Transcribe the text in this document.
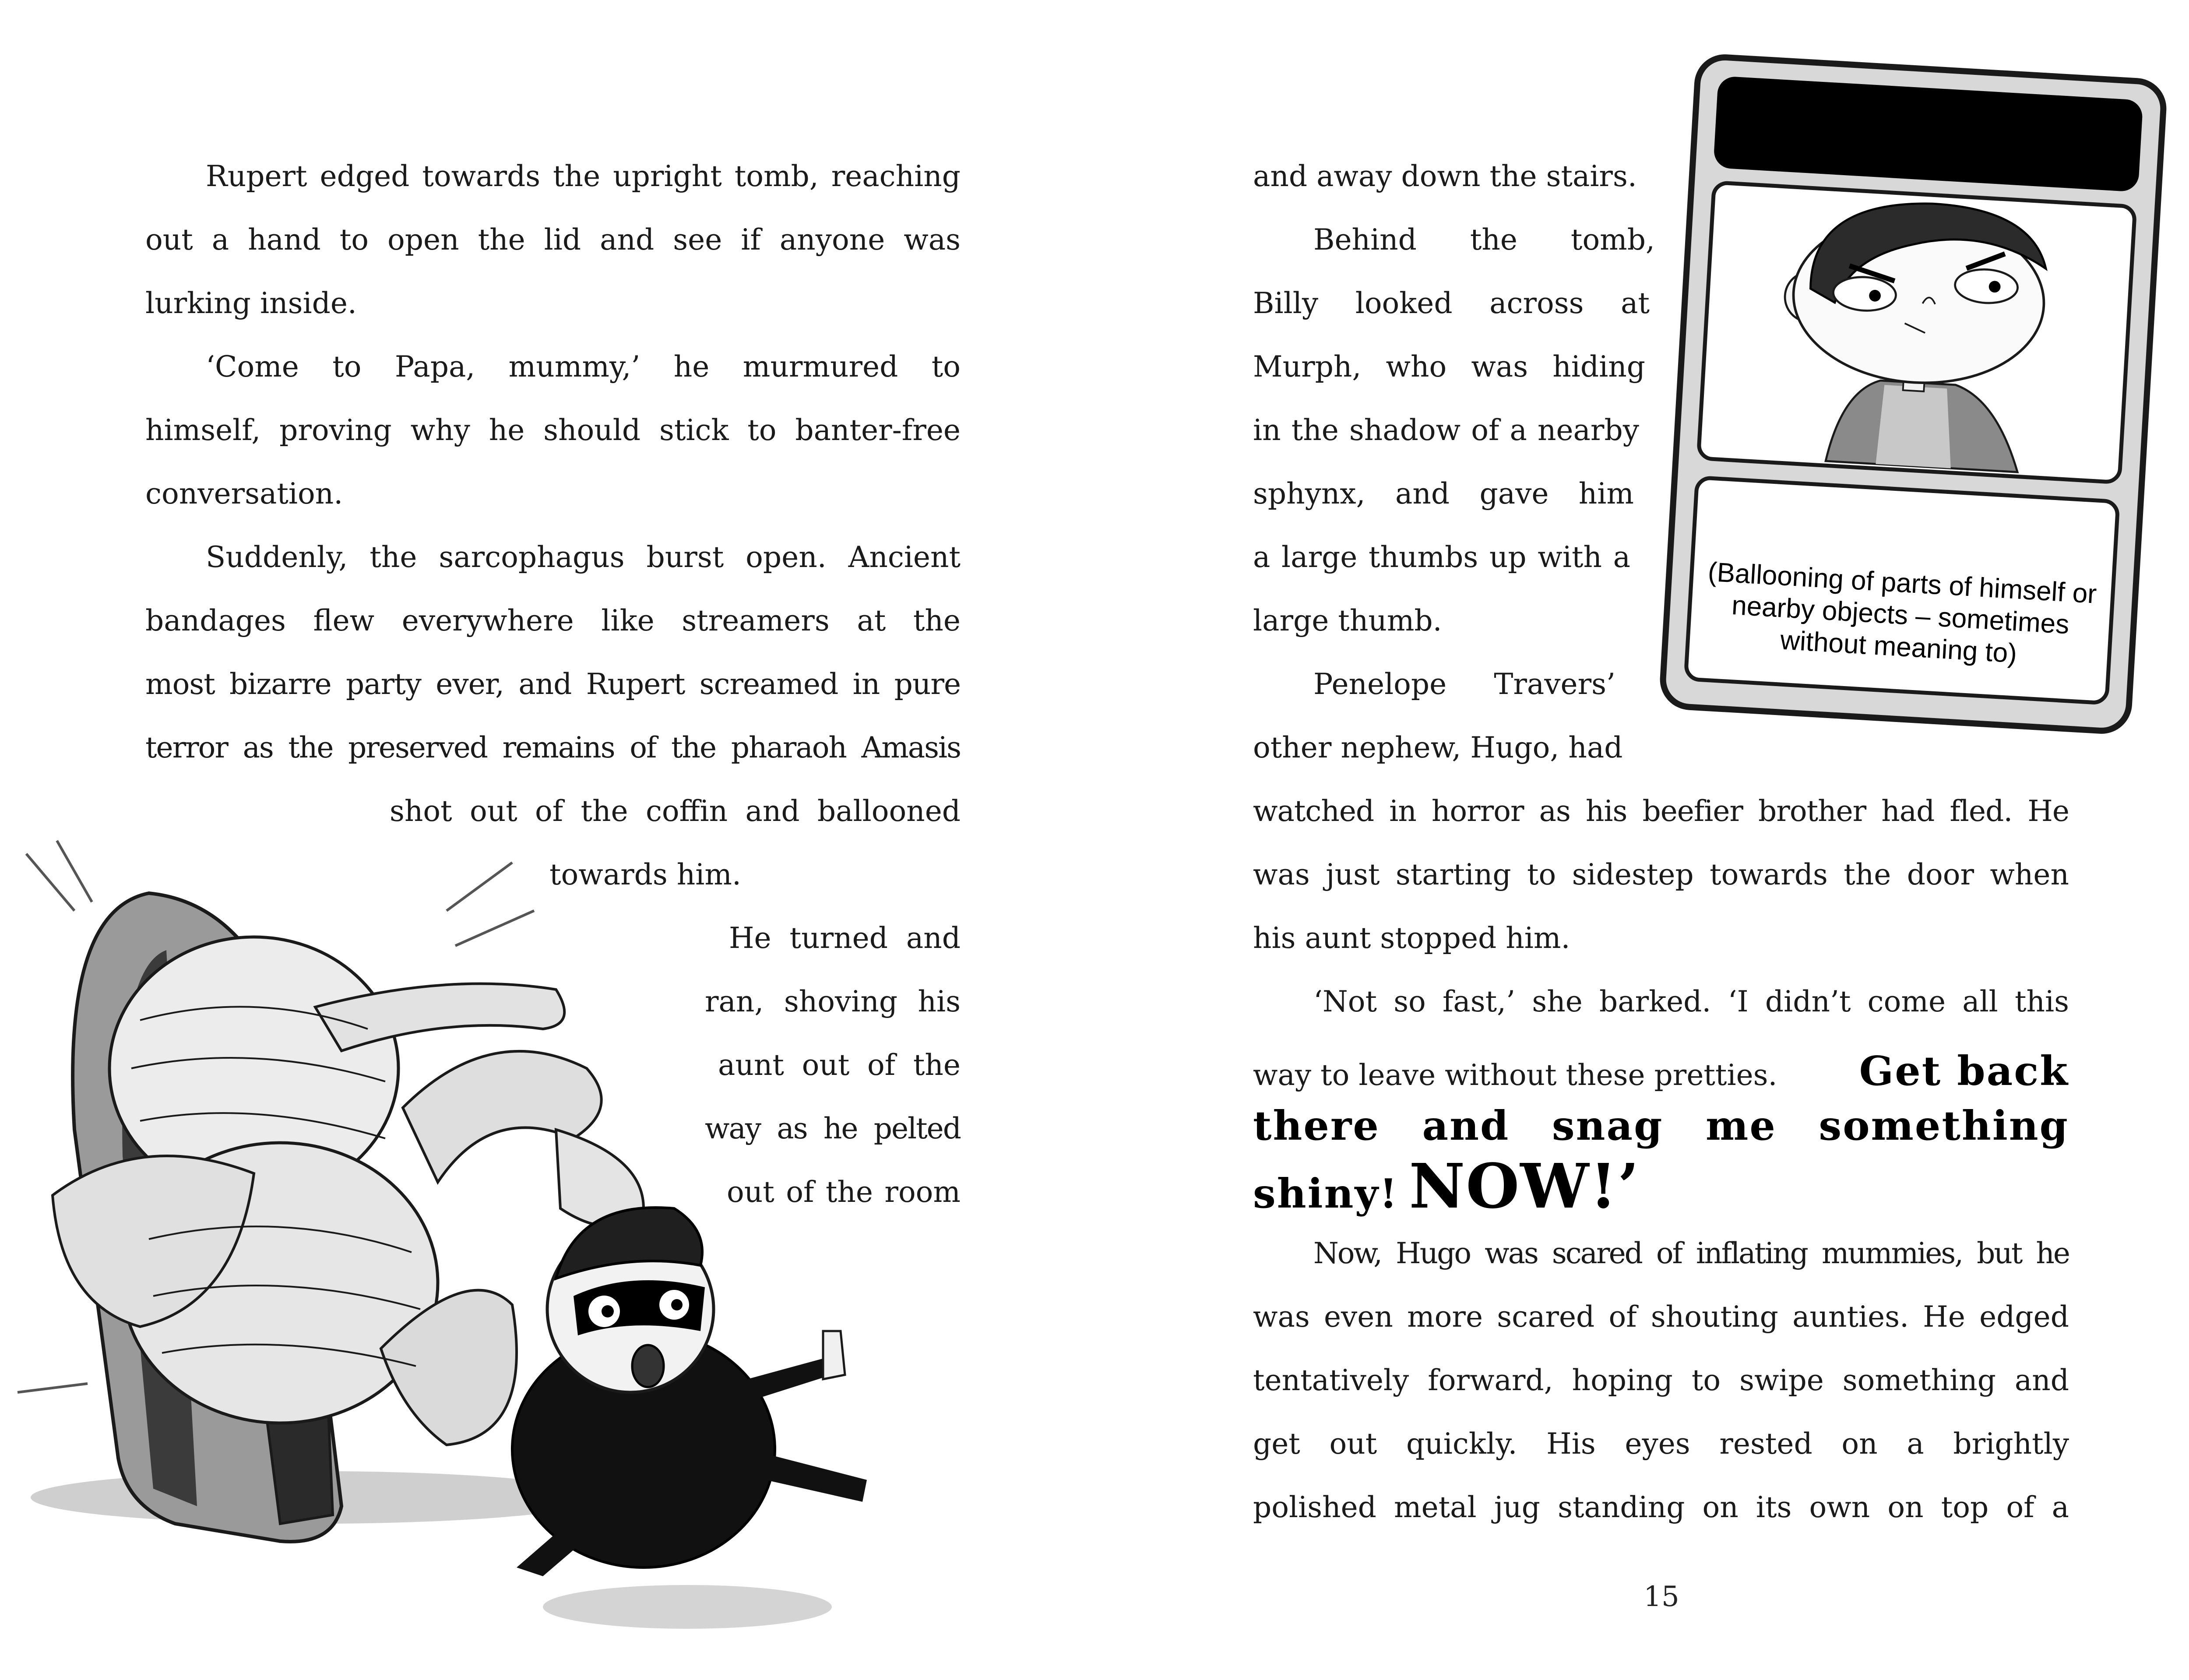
Rupert edged towards the upright tomb, reaching
out a hand to open the lid and see if anyone was
lurking inside.
‘Come to Papa, mummy,’ he murmured to
himself, proving why he should stick to banter-free
conversation.
Suddenly, the sarcophagus burst open. Ancient
bandages flew everywhere like streamers at the
most bizarre party ever, and Rupert screamed in pure
terror as the preserved remains of the pharaoh Amasis
shot out of the coffin and ballooned
towards him.
He turned and
ran, shoving his
aunt out of the
way as he pelted
out of the room
and away down the stairs.
Behind the tomb,
Billy looked across at
Murph, who was hiding
in the shadow of a nearby
sphynx, and gave him
a large thumbs up with a
large thumb.
Penelope Travers’
other nephew, Hugo, had
watched in horror as his beefier brother had fled. He
was just starting to sidestep towards the door when
his aunt stopped him.
‘Not so fast,’ she barked. ‘I didn’t come all this
way to leave without these pretties. Get back
there and snag me something
shiny! NOW!’
Now, Hugo was scared of inflating mummies, but he
was even more scared of shouting aunties. He edged
tentatively forward, hoping to swipe something and
get out quickly. His eyes rested on a brightly
polished metal jug standing on its own on top of a
15
(Ballooning of parts of himself or nearby objects – sometimes without meaning to)
